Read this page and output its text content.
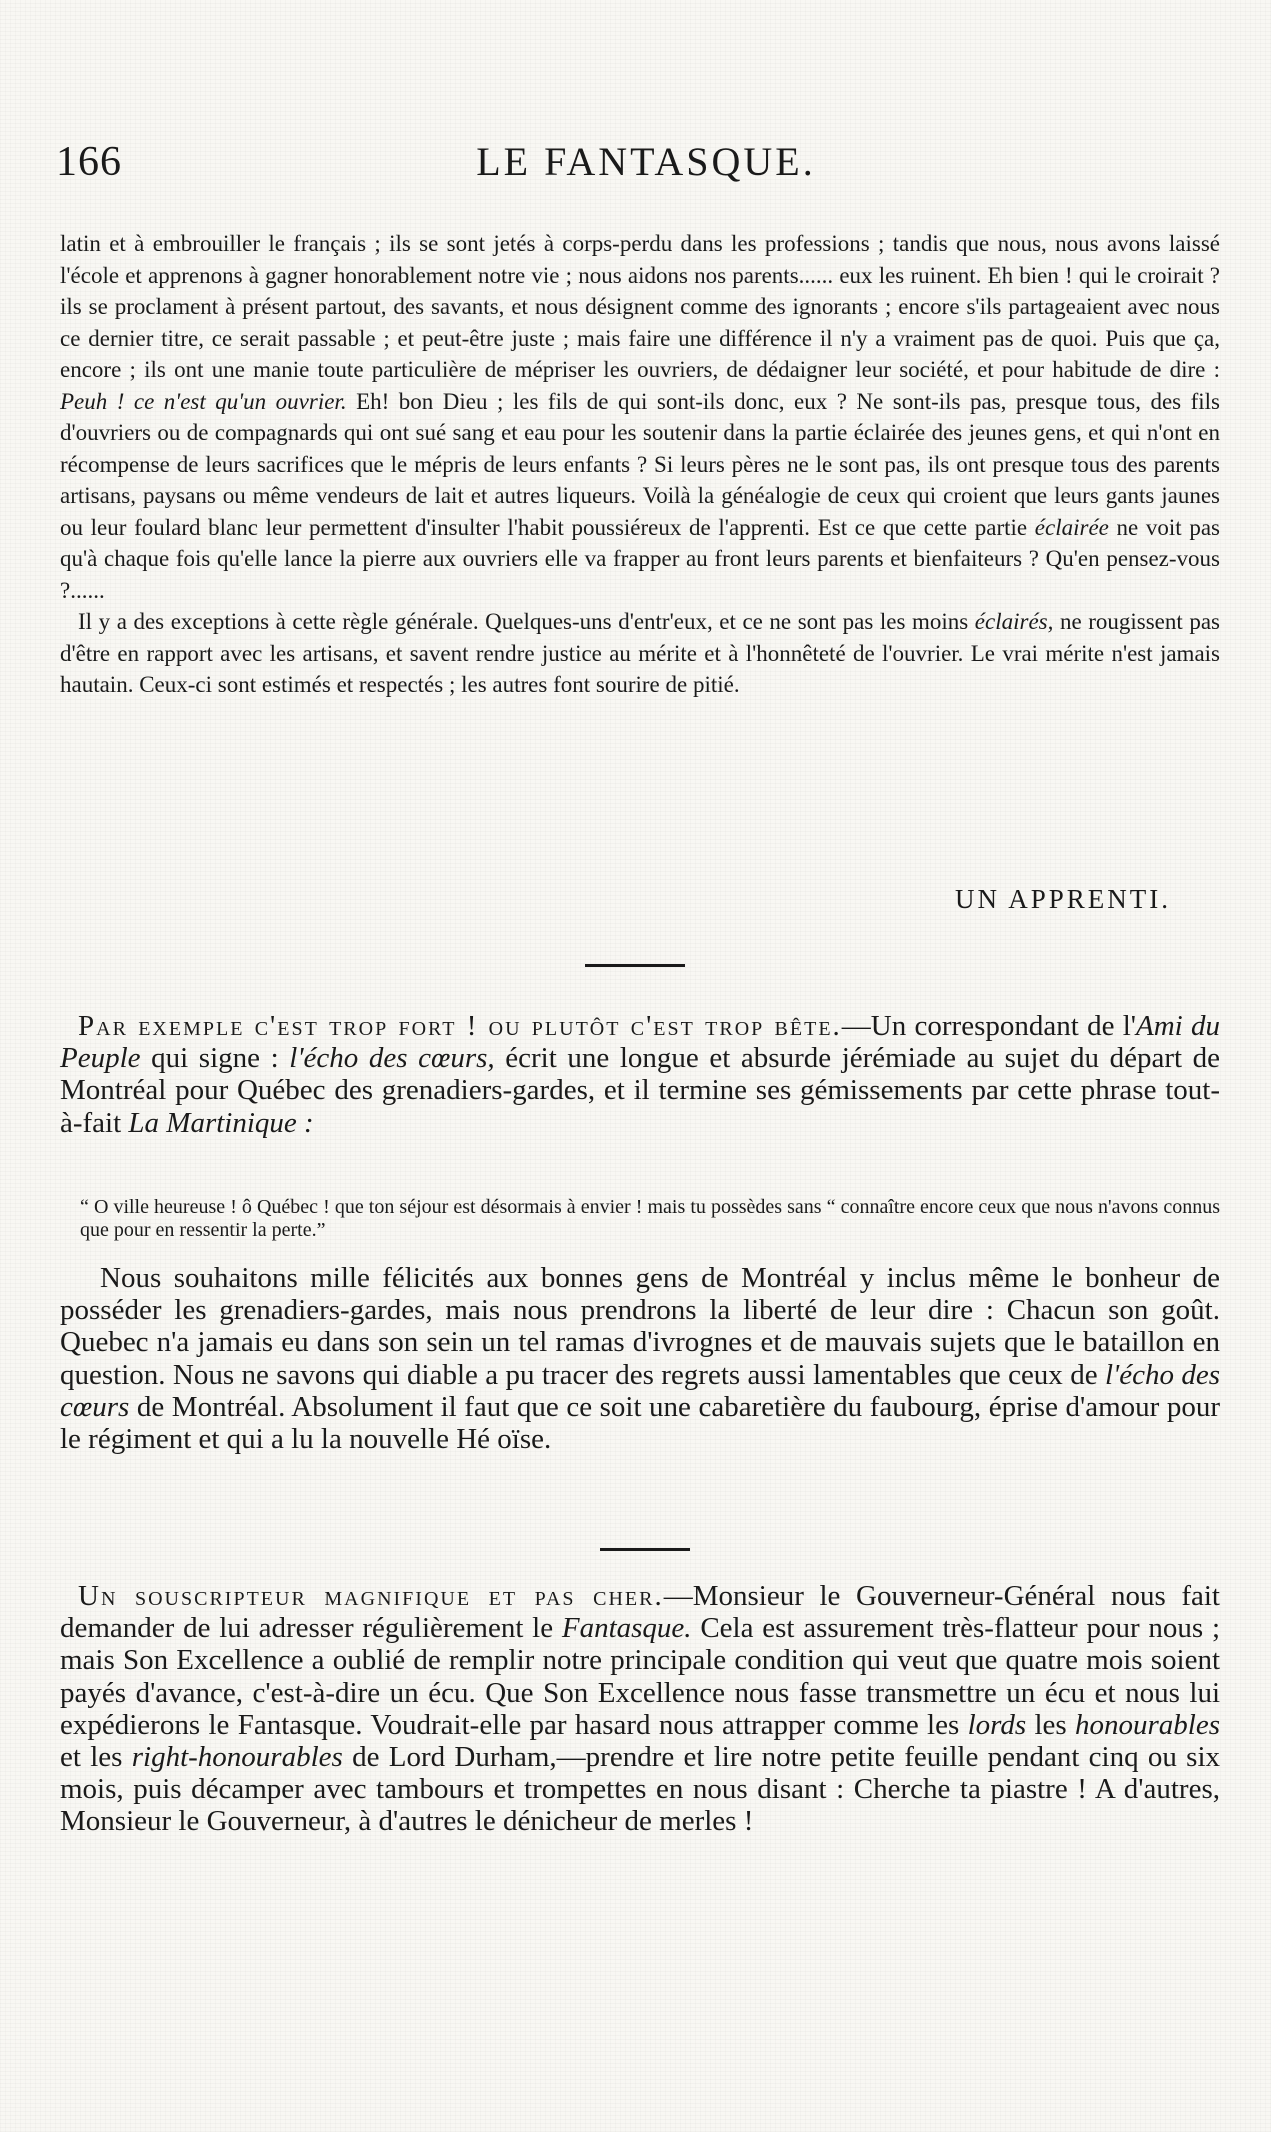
166	LE FANTASQUE.

latin et à embrouiller le français ; ils se sont jetés à corps-perdu dans les professions ; tandis que nous, nous avons laissé l'école et apprenons à gagner honorablement notre vie ; nous aidons nos parents...... eux les ruinent. Eh bien ! qui le croirait ? ils se proclament à présent partout, des savants, et nous désignent comme des ignorants ; encore s'ils partageaient avec nous ce dernier titre, ce serait passable ; et peut-être juste ; mais faire une différence il n'y a vraiment pas de quoi. Puis que ça, encore ; ils ont une manie toute particulière de mépriser les ouvriers, de dédaigner leur société, et pour habitude de dire : Peuh ! ce n'est qu'un ouvrier. Eh! bon Dieu ; les fils de qui sont-ils donc, eux ? Ne sont-ils pas, presque tous, des fils d'ouvriers ou de compagnards qui ont sué sang et eau pour les soutenir dans la partie éclairée des jeunes gens, et qui n'ont en récompense de leurs sacrifices que le mépris de leurs enfants ? Si leurs pères ne le sont pas, ils ont presque tous des parents artisans, paysans ou même vendeurs de lait et autres liqueurs. Voilà la généalogie de ceux qui croient que leurs gants jaunes ou leur foulard blanc leur permettent d'insulter l'habit poussiéreux de l'apprenti. Est ce que cette partie éclairée ne voit pas qu'à chaque fois qu'elle lance la pierre aux ouvriers elle va frapper au front leurs parents et bienfaiteurs ? Qu'en pensez-vous ?......

Il y a des exceptions à cette règle générale. Quelques-uns d'entr'eux, et ce ne sont pas les moins éclairés, ne rougissent pas d'être en rapport avec les artisans, et savent rendre justice au mérite et à l'honnêteté de l'ouvrier. Le vrai mérite n'est jamais hautain. Ceux-ci sont estimés et respectés ; les autres font sourire de pitié.

UN APPRENTI.

Par exemple c'est trop fort ! ou plutôt c'est trop bête.—Un correspondant de l'Ami du Peuple qui signe : l'écho des cœurs, écrit une longue et absurde jérémiade au sujet du départ de Montréal pour Québec des grenadiers-gardes, et il termine ses gémissements par cette phrase tout-à-fait La Martinique :

“ O ville heureuse ! ô Québec ! que ton séjour est désormais à envier ! mais tu possèdes sans “ connaître encore ceux que nous n'avons connus que pour en ressentir la perte.”

Nous souhaitons mille félicités aux bonnes gens de Montréal y inclus même le bonheur de posséder les grenadiers-gardes, mais nous prendrons la liberté de leur dire : Chacun son goût. Quebec n'a jamais eu dans son sein un tel ramas d'ivrognes et de mauvais sujets que le bataillon en question. Nous ne savons qui diable a pu tracer des regrets aussi lamentables que ceux de l'écho des cœurs de Montréal. Absolument il faut que ce soit une cabaretière du faubourg, éprise d'amour pour le régiment et qui a lu la nouvelle Hé oïse.

Un souscripteur magnifique et pas cher.—Monsieur le Gouverneur-Général nous fait demander de lui adresser régulièrement le Fantasque. Cela est assurement très-flatteur pour nous ; mais Son Excellence a oublié de remplir notre principale condition qui veut que quatre mois soient payés d'avance, c'est-à-dire un écu. Que Son Excellence nous fasse transmettre un écu et nous lui expédierons le Fantasque. Voudrait-elle par hasard nous attrapper comme les lords les honourables et les right-honourables de Lord Durham,—prendre et lire notre petite feuille pendant cinq ou six mois, puis décamper avec tambours et trompettes en nous disant : Cherche ta piastre ! A d'autres, Monsieur le Gouverneur, à d'autres le dénicheur de merles !
